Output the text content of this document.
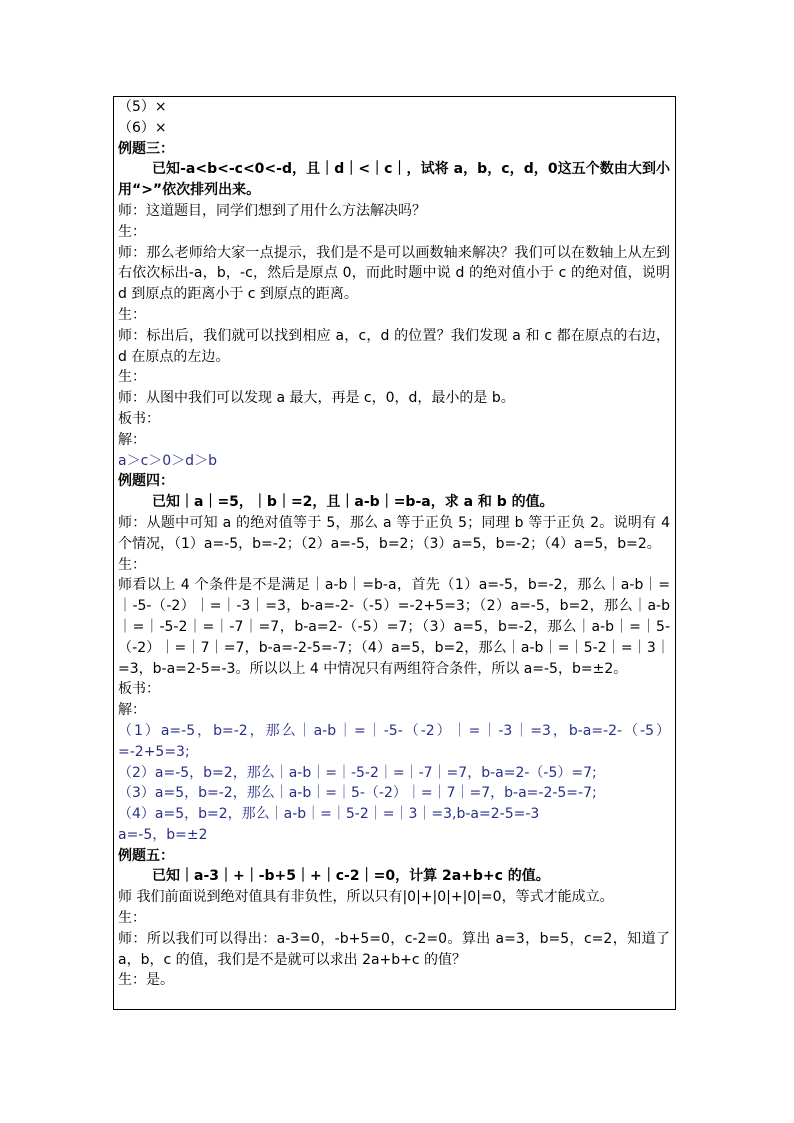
（5）×
（6）×
例题三：
已知-a<b<-c<0<-d，且｜d｜<｜c｜，试将 a，b，c，d，0这五个数由大到小用“>”依次排列出来。
师：这道题目，同学们想到了用什么方法解决吗？
生：
师：那么老师给大家一点提示，我们是不是可以画数轴来解决？我们可以在数轴上从左到右依次标出-a，b，-c，然后是原点 0，而此时题中说 d 的绝对值小于 c 的绝对值，说明 d 到原点的距离小于 c 到原点的距离。
生：
师：标出后，我们就可以找到相应 a，c，d 的位置？我们发现 a 和 c 都在原点的右边，d 在原点的左边。
生：
师：从图中我们可以发现 a 最大，再是 c，0，d，最小的是 b。
板书：
解：
a＞c＞0＞d＞b
例题四：
已知｜a｜=5，｜b｜=2，且｜a-b｜=b-a，求 a 和 b 的值。
师：从题中可知 a 的绝对值等于 5，那么 a 等于正负 5；同理 b 等于正负 2。说明有 4 个情况，（1）a=-5，b=-2；（2）a=-5，b=2；（3）a=5，b=-2；（4）a=5，b=2。
生：
师看以上 4 个条件是不是满足｜a-b｜=b-a，首先（1）a=-5，b=-2，那么｜a-b｜=｜-5-（-2）｜=｜-3｜=3，b-a=-2-（-5）=-2+5=3；（2）a=-5，b=2，那么｜a-b｜=｜-5-2｜=｜-7｜=7，b-a=2-（-5）=7；（3）a=5，b=-2，那么｜a-b｜=｜5-（-2）｜=｜7｜=7，b-a=-2-5=-7；（4）a=5，b=2，那么｜a-b｜=｜5-2｜=｜3｜=3，b-a=2-5=-3。所以以上 4 中情况只有两组符合条件，所以 a=-5，b=±2。
板书：
解：
（1）a=-5，b=-2，那么｜a-b｜=｜-5-（-2）｜=｜-3｜=3，b-a=-2-（-5）=-2+5=3;
（2）a=-5，b=2，那么｜a-b｜=｜-5-2｜=｜-7｜=7，b-a=2-（-5）=7;
（3）a=5，b=-2，那么｜a-b｜=｜5-（-2）｜=｜7｜=7，b-a=-2-5=-7;
（4）a=5，b=2，那么｜a-b｜=｜5-2｜=｜3｜=3,b-a=2-5=-3
a=-5，b=±2
例题五：
已知｜a-3｜+｜-b+5｜+｜c-2｜=0，计算 2a+b+c 的值。
师 我们前面说到绝对值具有非负性，所以只有|0|+|0|+|0|=0，等式才能成立。
生：
师：所以我们可以得出：a-3=0，-b+5=0，c-2=0。算出 a=3，b=5，c=2，知道了 a，b，c 的值，我们是不是就可以求出 2a+b+c 的值？
生：是。
